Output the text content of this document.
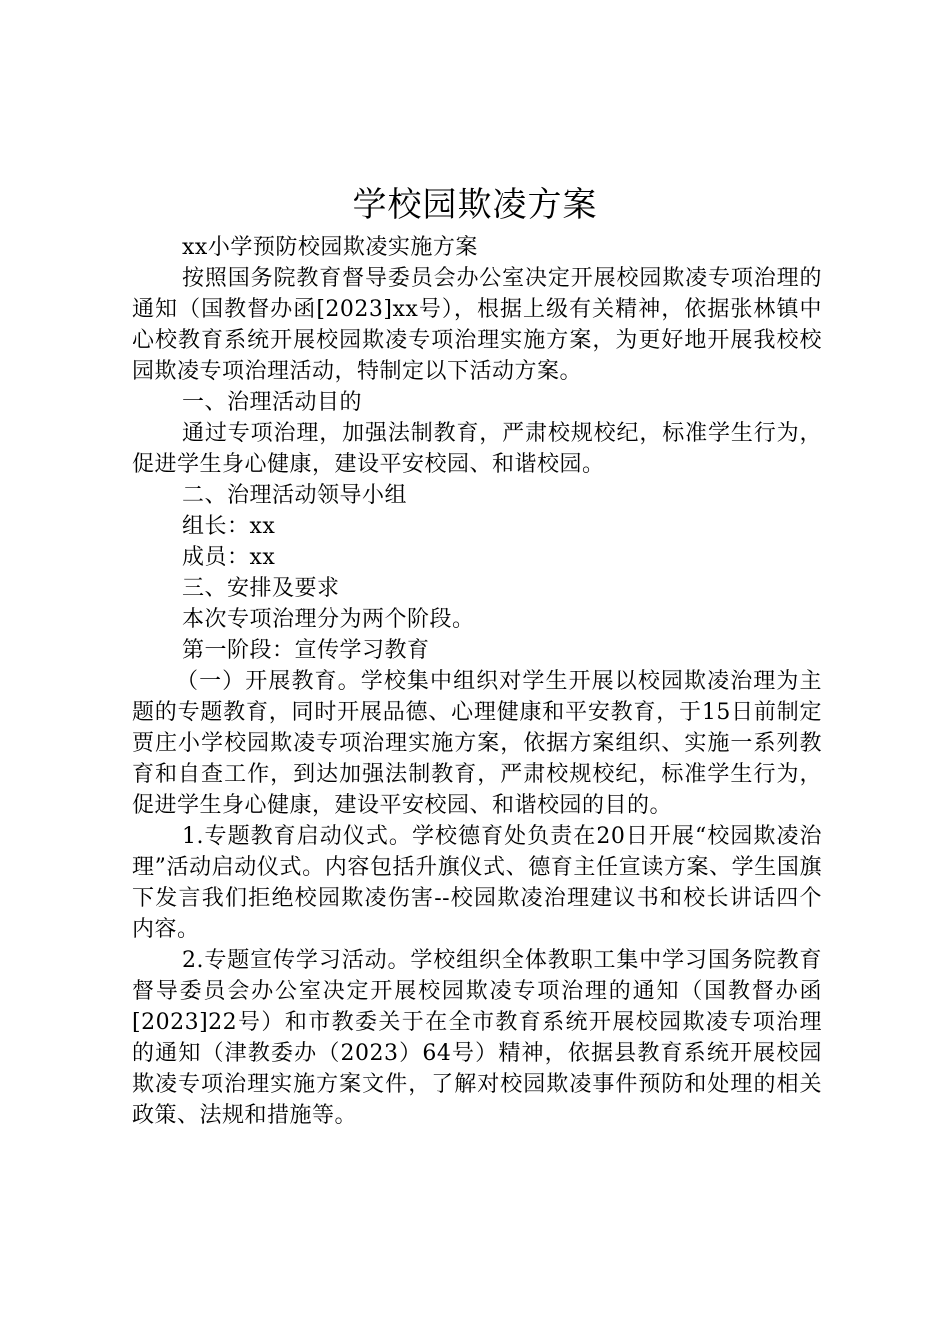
学校园欺凌方案

xx小学预防校园欺凌实施方案

按照国务院教育督导委员会办公室决定开展校园欺凌专项治理的通知（国教督办函[2023]xx号），根据上级有关精神，依据张林镇中心校教育系统开展校园欺凌专项治理实施方案，为更好地开展我校校园欺凌专项治理活动，特制定以下活动方案。

一、治理活动目的

通过专项治理，加强法制教育，严肃校规校纪，标准学生行为，促进学生身心健康，建设平安校园、和谐校园。

二、治理活动领导小组

组长：xx

成员：xx

三、安排及要求

本次专项治理分为两个阶段。

第一阶段：宣传学习教育

（一）开展教育。学校集中组织对学生开展以校园欺凌治理为主题的专题教育，同时开展品德、心理健康和平安教育，于15日前制定贾庄小学校园欺凌专项治理实施方案，依据方案组织、实施一系列教育和自查工作，到达加强法制教育，严肃校规校纪，标准学生行为，促进学生身心健康，建设平安校园、和谐校园的目的。

1.专题教育启动仪式。学校德育处负责在20日开展“校园欺凌治理”活动启动仪式。内容包括升旗仪式、德育主任宣读方案、学生国旗下发言我们拒绝校园欺凌伤害--校园欺凌治理建议书和校长讲话四个内容。

2.专题宣传学习活动。学校组织全体教职工集中学习国务院教育督导委员会办公室决定开展校园欺凌专项治理的通知（国教督办函[2023]22号）和市教委关于在全市教育系统开展校园欺凌专项治理的通知（津教委办（2023）64号）精神，依据县教育系统开展校园欺凌专项治理实施方案文件，了解对校园欺凌事件预防和处理的相关政策、法规和措施等。
